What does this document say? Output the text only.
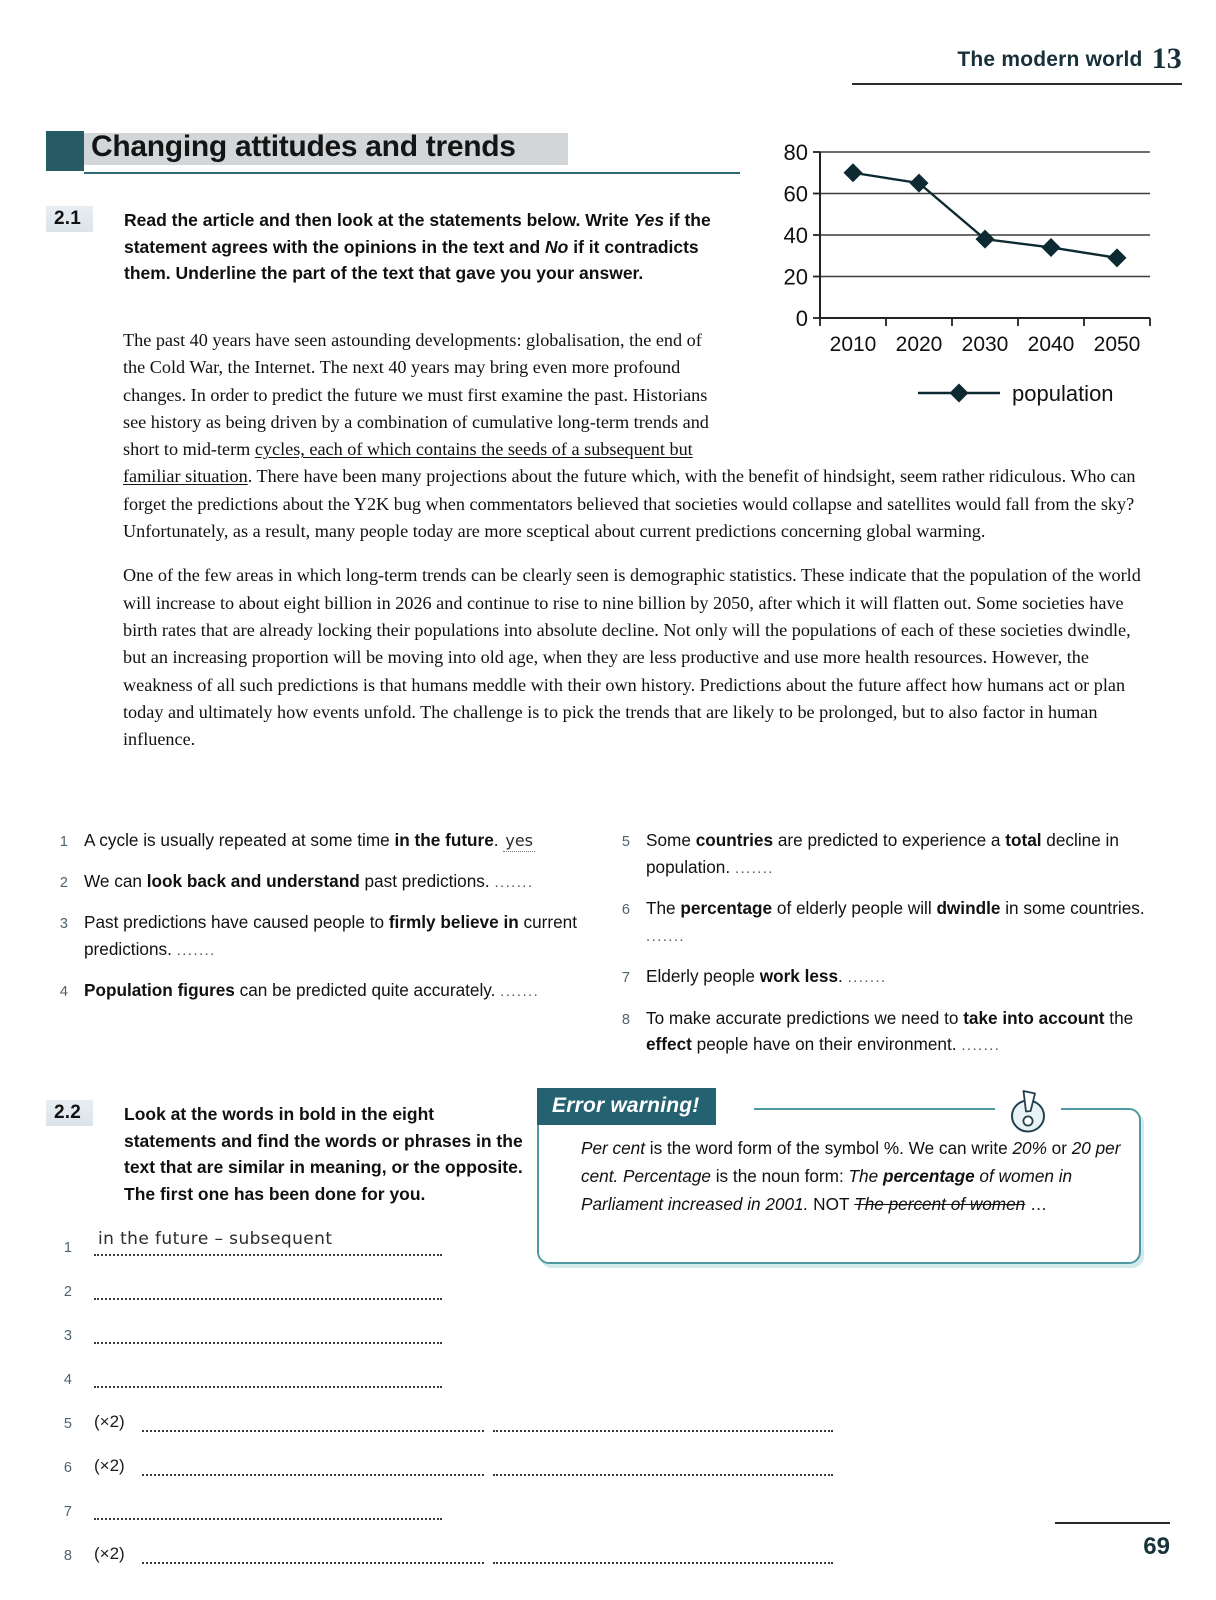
The modern world 13
Changing attitudes and trends
2.1	Read the article and then look at the statements below. Write Yes if the statement agrees with the opinions in the text and No if it contradicts them. Underline the part of the text that gave you your answer.
0
20
40
60
80
2010 2020 2030 2040 2050
population

The past 40 years have seen astounding developments: globalisation, the end of the Cold War, the Internet. The next 40 years may bring even more profound changes. In order to predict the future we must first examine the past. Historians see history as being driven by a combination of cumulative long-term trends and short to mid-term cycles, each of which contains the seeds of a subsequent but familiar situation. There have been many projections about the future which, with the benefit of hindsight, seem rather ridiculous. Who can forget the predictions about the Y2K bug when commentators believed that societies would collapse and satellites would fall from the sky? Unfortunately, as a result, many people today are more sceptical about current predictions concerning global warming.

One of the few areas in which long-term trends can be clearly seen is demographic statistics. These indicate that the population of the world will increase to about eight billion in 2026 and continue to rise to nine billion by 2050, after which it will flatten out. Some societies have birth rates that are already locking their populations into absolute decline. Not only will the populations of each of these societies dwindle, but an increasing proportion will be moving into old age, when they are less productive and use more health resources. However, the weakness of all such predictions is that humans meddle with their own history. Predictions about the future affect how humans act or plan today and ultimately how events unfold. The challenge is to pick the trends that are likely to be prolonged, but to also factor in human influence.

1 A cycle is usually repeated at some time in the future. yes
2 We can look back and understand past predictions. .......
3 Past predictions have caused people to firmly believe in current predictions. .......
4 Population figures can be predicted quite accurately. .......
5 Some countries are predicted to experience a total decline in population. .......
6 The percentage of elderly people will dwindle in some countries. .......
7 Elderly people work less. .......
8 To make accurate predictions we need to take into account the effect people have on their environment. .......
2.2	Look at the words in bold in the eight statements and find the words or phrases in the text that are similar in meaning, or the opposite. The first one has been done for you.
1 in the future – subsequent
2
3
4
5 (×2)
6 (×2)
7
8 (×2)
Error warning!
Per cent is the word form of the symbol %. We can write 20% or 20 per cent. Percentage is the noun form: The percentage of women in Parliament increased in 2001. NOT The percent of women …
69
